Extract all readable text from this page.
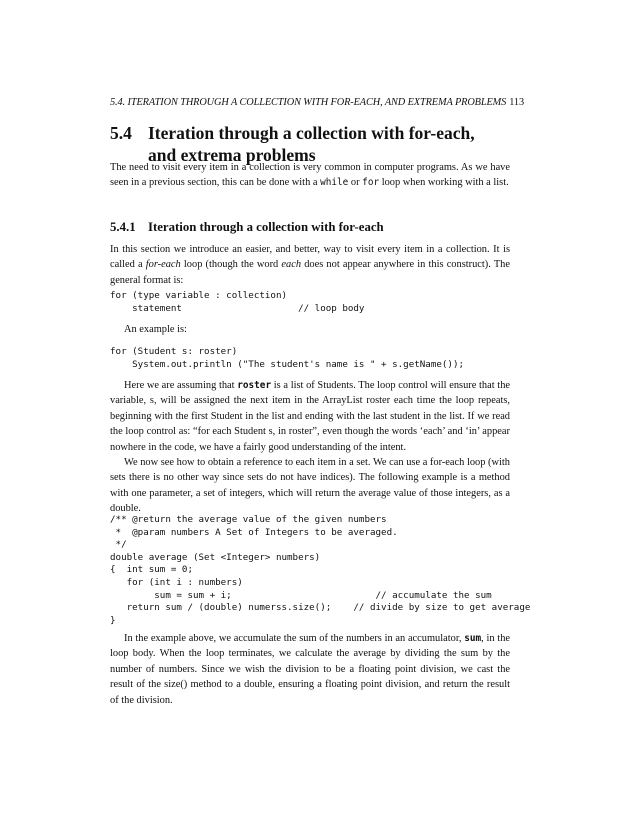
5.4. ITERATION THROUGH A COLLECTION WITH FOR-EACH, AND EXTREMA PROBLEMS 113
5.4 Iteration through a collection with for-each,
and extrema problems

The need to visit every item in a collection is very common in computer programs. As we have seen in a previous section, this can be done with a while or for loop when working with a list.

5.4.1 Iteration through a collection with for-each

In this section we introduce an easier, and better, way to visit every item in a collection. It is called a for-each loop (though the word each does not appear anywhere in this construct). The general format is:

for (type variable : collection)
statement                     // loop body

An example is:

for (Student s: roster)
System.out.println ("The student's name is " + s.getName());

Here we are assuming that roster is a list of Students. The loop control will ensure that the variable, s, will be assigned the next item in the ArrayList roster each time the loop repeats, beginning with the first Student in the list and ending with the last student in the list. If we read the loop control as: “for each Student s, in roster”, even though the words ‘each’ and ‘in’ appear nowhere in the code, we have a fairly good understanding of the intent.

We now see how to obtain a reference to each item in a set. We can use a for-each loop (with sets there is no other way since sets do not have indices). The following example is a method with one parameter, a set of integers, which will return the average value of those integers, as a double.

/** @return the average value of the given numbers
*  @param numbers A Set of Integers to be averaged.
*/
double average (Set <Integer> numbers)
{  int sum = 0;
for (int i : numbers)
sum = sum + i;                          // accumulate the sum
return sum / (double) numerss.size();    // divide by size to get average
}

In the example above, we accumulate the sum of the numbers in an accumulator, sum, in the loop body. When the loop terminates, we calculate the average by dividing the sum by the number of numbers. Since we wish the division to be a floating point division, we cast the result of the size() method to a double, ensuring a floating point division, and return the result of the division.
